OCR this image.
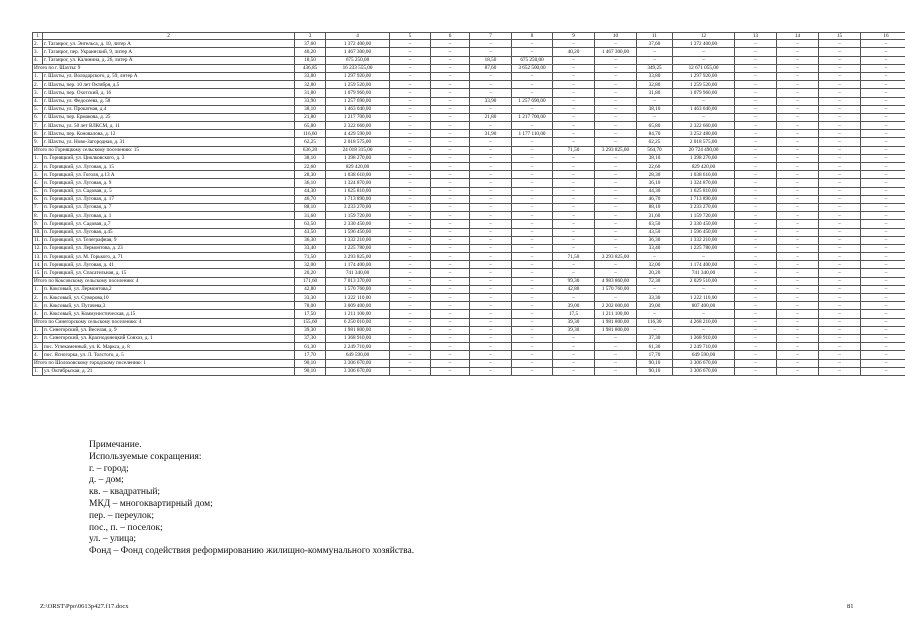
1	2	3	4	5	6	7	8	9	10	11	12	13	14	15	16
2.	г. Таганрог, ул. Энгельса, д. 10, литер А	37,60	1 372 400,00	–	–	–	–	–	–	37,60	1 372 400,00	–	–	–	–
3.	г. Таганрог, пер. Украинский, 9, литер А	40,20	1 467 300,00	–	–	–	–	40,20	1 467 300,00	–	–	–	–	–	–
4.	г. Таганрог, ул. Калинина, д. 26, литер А	18,50	675 250,00	–	–	18,50	675 250,00	–	–	–	–	–	–	–	–
Итого по г. Шахты: 9		436,85	16 233 555,00	–	–	87,60	3 652 500,00	–	–	349,25	12 671 055,00	–	–	–	–
1.	г. Шахты, ул. Володарского, д. 59, литер А	33,80	1 297 920,00	–	–	–	–	–	–	33,80	1 297 920,00	–	–	–	–
2.	г. Шахты, пер. 10 лет Октября, д.5	32,80	1 259 520,00	–	–	–	–	–	–	32,80	1 259 520,00	–	–	–	–
3.	г. Шахты, пер. Охотский, д. 16	31,80	1 079 960,00	–	–	–	–	–	–	31,80	1 079 960,00	–	–	–	–
4.	г. Шахты, ул. Федосеева, д. 58	33,90	1 257 690,00	–	–	33,90	1 257 690,00	–	–	–	–	–	–	–	–
5.	г. Шахты, ул. Прокатная, д.4	38,10	1 463 040,00	–	–	–	–	–	–	38,10	1 463 040,00	–	–	–	–
6.	г. Шахты, пер. Ермакова, д. 25	21,80	1 217 700,00	–	–	21,80	1 217 700,00	–	–	–	–	–	–	–	–
7.	г. Шахты, ул. 50 лет ВЛКСМ, д. 11	65,80	2 322 660,00	–	–	–	–	–	–	65,80	2 322 660,00	–	–	–	–
8.	г. Шахты, пер. Коновалова, д. 12	116,60	4 429 590,00	–	–	31,90	1 177 110,00	–	–	84,70	3 252 480,00	–	–	–	–
9.	г. Шахты, ул. Ново-Загородная, д. 31	62,25	2 018 575,00	–	–	–	–	–	–	62,25	2 018 575,00	–	–	–	–
Итого по Горняцкому сельскому поселению: 15		636,20	24 018 315,00	–	–	–	–	71,50	3 293 825,00	564,70	20 724 490,00	–	–	–	–
1.	п. Горняцкий, ул. Циолковского, д. 3	38,10	1 398 270,00	–	–	–	–	–	–	38,10	1 398 270,00	–	–	–	–
2.	п. Горняцкий, ул. Луговая, д. 15	22,60	829 420,00	–	–	–	–	–	–	22,60	829 420,00	–	–	–	–
3.	п. Горняцкий, ул. Гоголя, д.13 А	28,30	1 038 610,00	–	–	–	–	–	–	28,30	1 038 610,00	–	–	–	–
4.	п. Горняцкий, ул. Луговая, д. 9	36,10	1 324 870,00	–	–	–	–	–	–	36,10	1 324 870,00	–	–	–	–
5.	п. Горняцкий, ул. Садовая, д. 5	44,30	1 625 810,00	–	–	–	–	–	–	44,30	1 625 810,00	–	–	–	–
6.	п. Горняцкий, ул. Луговая, д. 17	46,70	1 713 890,00	–	–	–	–	–	–	46,70	1 713 890,00	–	–	–	–
7.	п. Горняцкий, ул. Луговая, д. 7	88,10	3 233 270,00	–	–	–	–	–	–	88,10	3 233 270,00	–	–	–	–
8.	п. Горняцкий, ул. Луговая, д. 1	31,60	1 159 720,00	–	–	–	–	–	–	31,60	1 159 720,00	–	–	–	–
9.	п. Горняцкий, ул. Садовая, д.7	63,50	2 330 450,00	–	–	–	–	–	–	63,50	2 330 450,00	–	–	–	–
10.	п. Горняцкий, ул. Луговая, д.45	43,50	1 596 450,00	–	–	–	–	–	–	43,50	1 596 450,00	–	–	–	–
11.	п. Горняцкий, ул. Телеграфная, 9	36,30	1 332 210,00	–	–	–	–	–	–	36,30	1 332 210,00	–	–	–	–
12.	п. Горняцкий, ул. Лермонтова, д. 23	33,40	1 225 780,00	–	–	–	–	–	–	33,40	1 225 780,00	–	–	–	–
13.	п. Горняцкий, ул. М. Горького, д. 71	71,50	3 293 825,00	–	–	–	–	71,50	3 293 825,00	–	–	–	–	–	–
14.	п. Горняцкий, ул. Луговая, д. 41	32,00	1 174 400,00	–	–	–	–	–	–	32,00	1 174 400,00	–	–	–	–
15.	п. Горняцкий, ул. Спасательная, д. 15	20,20	741 340,00	–	–	–	–	–	–	20,20	741 340,00	–	–	–	–
Итого по Коксовскому сельскому поселению: 4		171,60	7 013 370,00	–	–	–	–	99,30	4 983 860,00	72,30	2 029 510,00	–	–	–	–
1.	п. Коксовый, ул. Лермонтова,2	42,80	1 570 760,00	–	–	–	–	42,80	1 570 760,00	–	–	–	–	–	–
2.	п. Коксовый, ул. Суворова,10	33,30	1 222 110,00	–	–	–	–	–	–	33,30	1 222 110,00	–	–	–	–
3.	п. Коксовый, ул. Пугачева,3	78,00	3 009 400,00	–	–	–	–	39,00	2 202 000,00	39,00	807 400,00	–	–	–	–
4.	п. Коксовый, ул. Коммунистическая, д.15	17,50	1 211 100,00	–	–	–	–	17,5	1 211 100,00	–	–	–	–	–	–
Итого по Синегорскому сельскому поселению: 4		155,60	6 250 010,00	–	–	–	–	39,30	1 981 800,00	116,30	4 268 210,00	–	–	–	–
1.	п. Синегорский, ул. Веселая, д. 9	39,30	1 981 800,00	–	–	–	–	39,30	1 981 800,00	–	–	–	–	–	–
2.	п. Синегорский, ул. Краснодонецкий Совхоз, д. 1	37,30	1 368 910,00	–	–	–	–	–	–	37,30	1 368 910,00	–	–	–	–
3.	пос. Углекаменный, ул. К. Маркса, д. 8	61,30	2 249 710,00	–	–	–	–	–	–	61,30	2 249 710,00	–	–	–	–
4.	пос. Ясногорка, ул. Л. Толстого, д. 5	17,70	649 590,00	–	–	–	–	–	–	17,70	649 590,00	–	–	–	–
Итого по Шолоховскому городскому поселению: 1		90,10	3 306 670,00	–	–	–	–	–	–	90,10	3 306 670,00	–	–	–	–
1.	ул. Октябрьская, д. 21	90,10	3 306 670,00	–	–	–	–	–	–	90,10	3 306 670,00	–	–	–	–
Примечание.
Используемые сокращения:
г. – город;
д. – дом;
кв. – квадратный;
МКД – многоквартирный дом;
пер. – переулок;
пос., п. – поселок;
ул. – улица;
Фонд – Фонд содействия реформированию жилищно-коммунального хозяйства.
Z:\ORST\Ppo\0613p427.f17.docx	81
